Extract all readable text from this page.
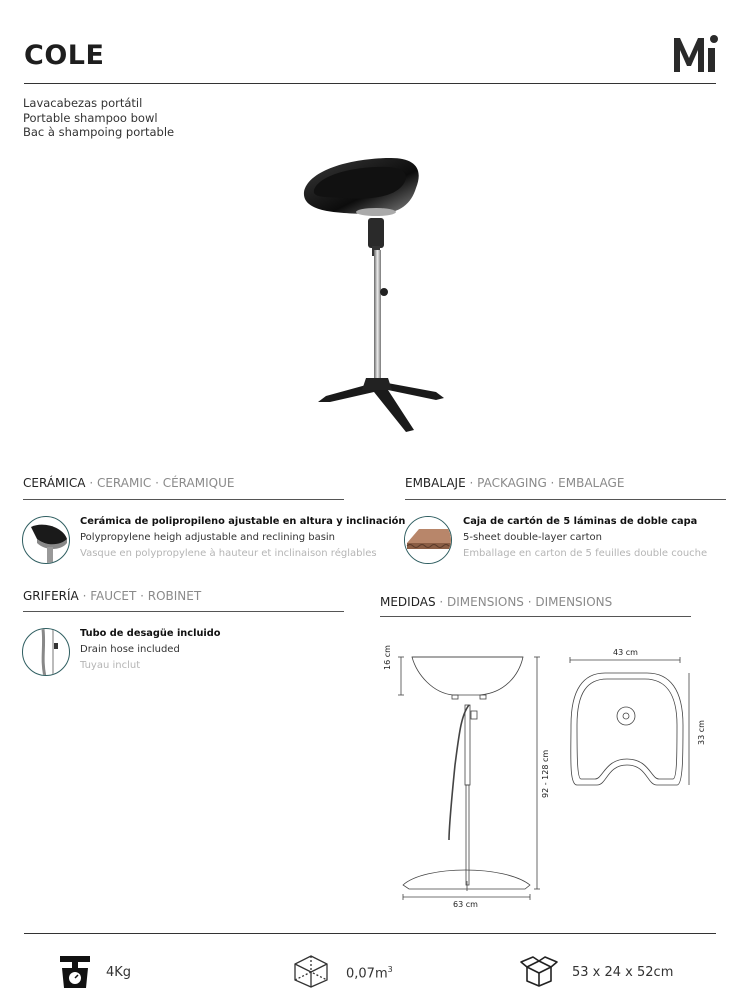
COLE
Lavacabezas portátil
Portable shampoo bowl
Bac à shampoing portable
CERÁMICA · CERAMIC · CÉRAMIQUE
Cerámica de polipropileno ajustable en altura y inclinación
Polypropylene heigh adjustable and reclining basin
Vasque en polypropylene à hauteur et inclinaison réglables
GRIFERÍA · FAUCET · ROBINET
Tubo de desagüe incluido
Drain hose included
Tuyau inclut
EMBALAJE · PACKAGING · EMBALAGE
Caja de cartón de 5 láminas de doble capa
5-sheet double-layer carton
Emballage en carton de 5 feuilles double couche
MEDIDAS · DIMENSIONS · DIMENSIONS
16 cm
92 - 128 cm
63 cm
43 cm
33 cm
4Kg	$0,07m^3$	53 x 24 x 52cm
